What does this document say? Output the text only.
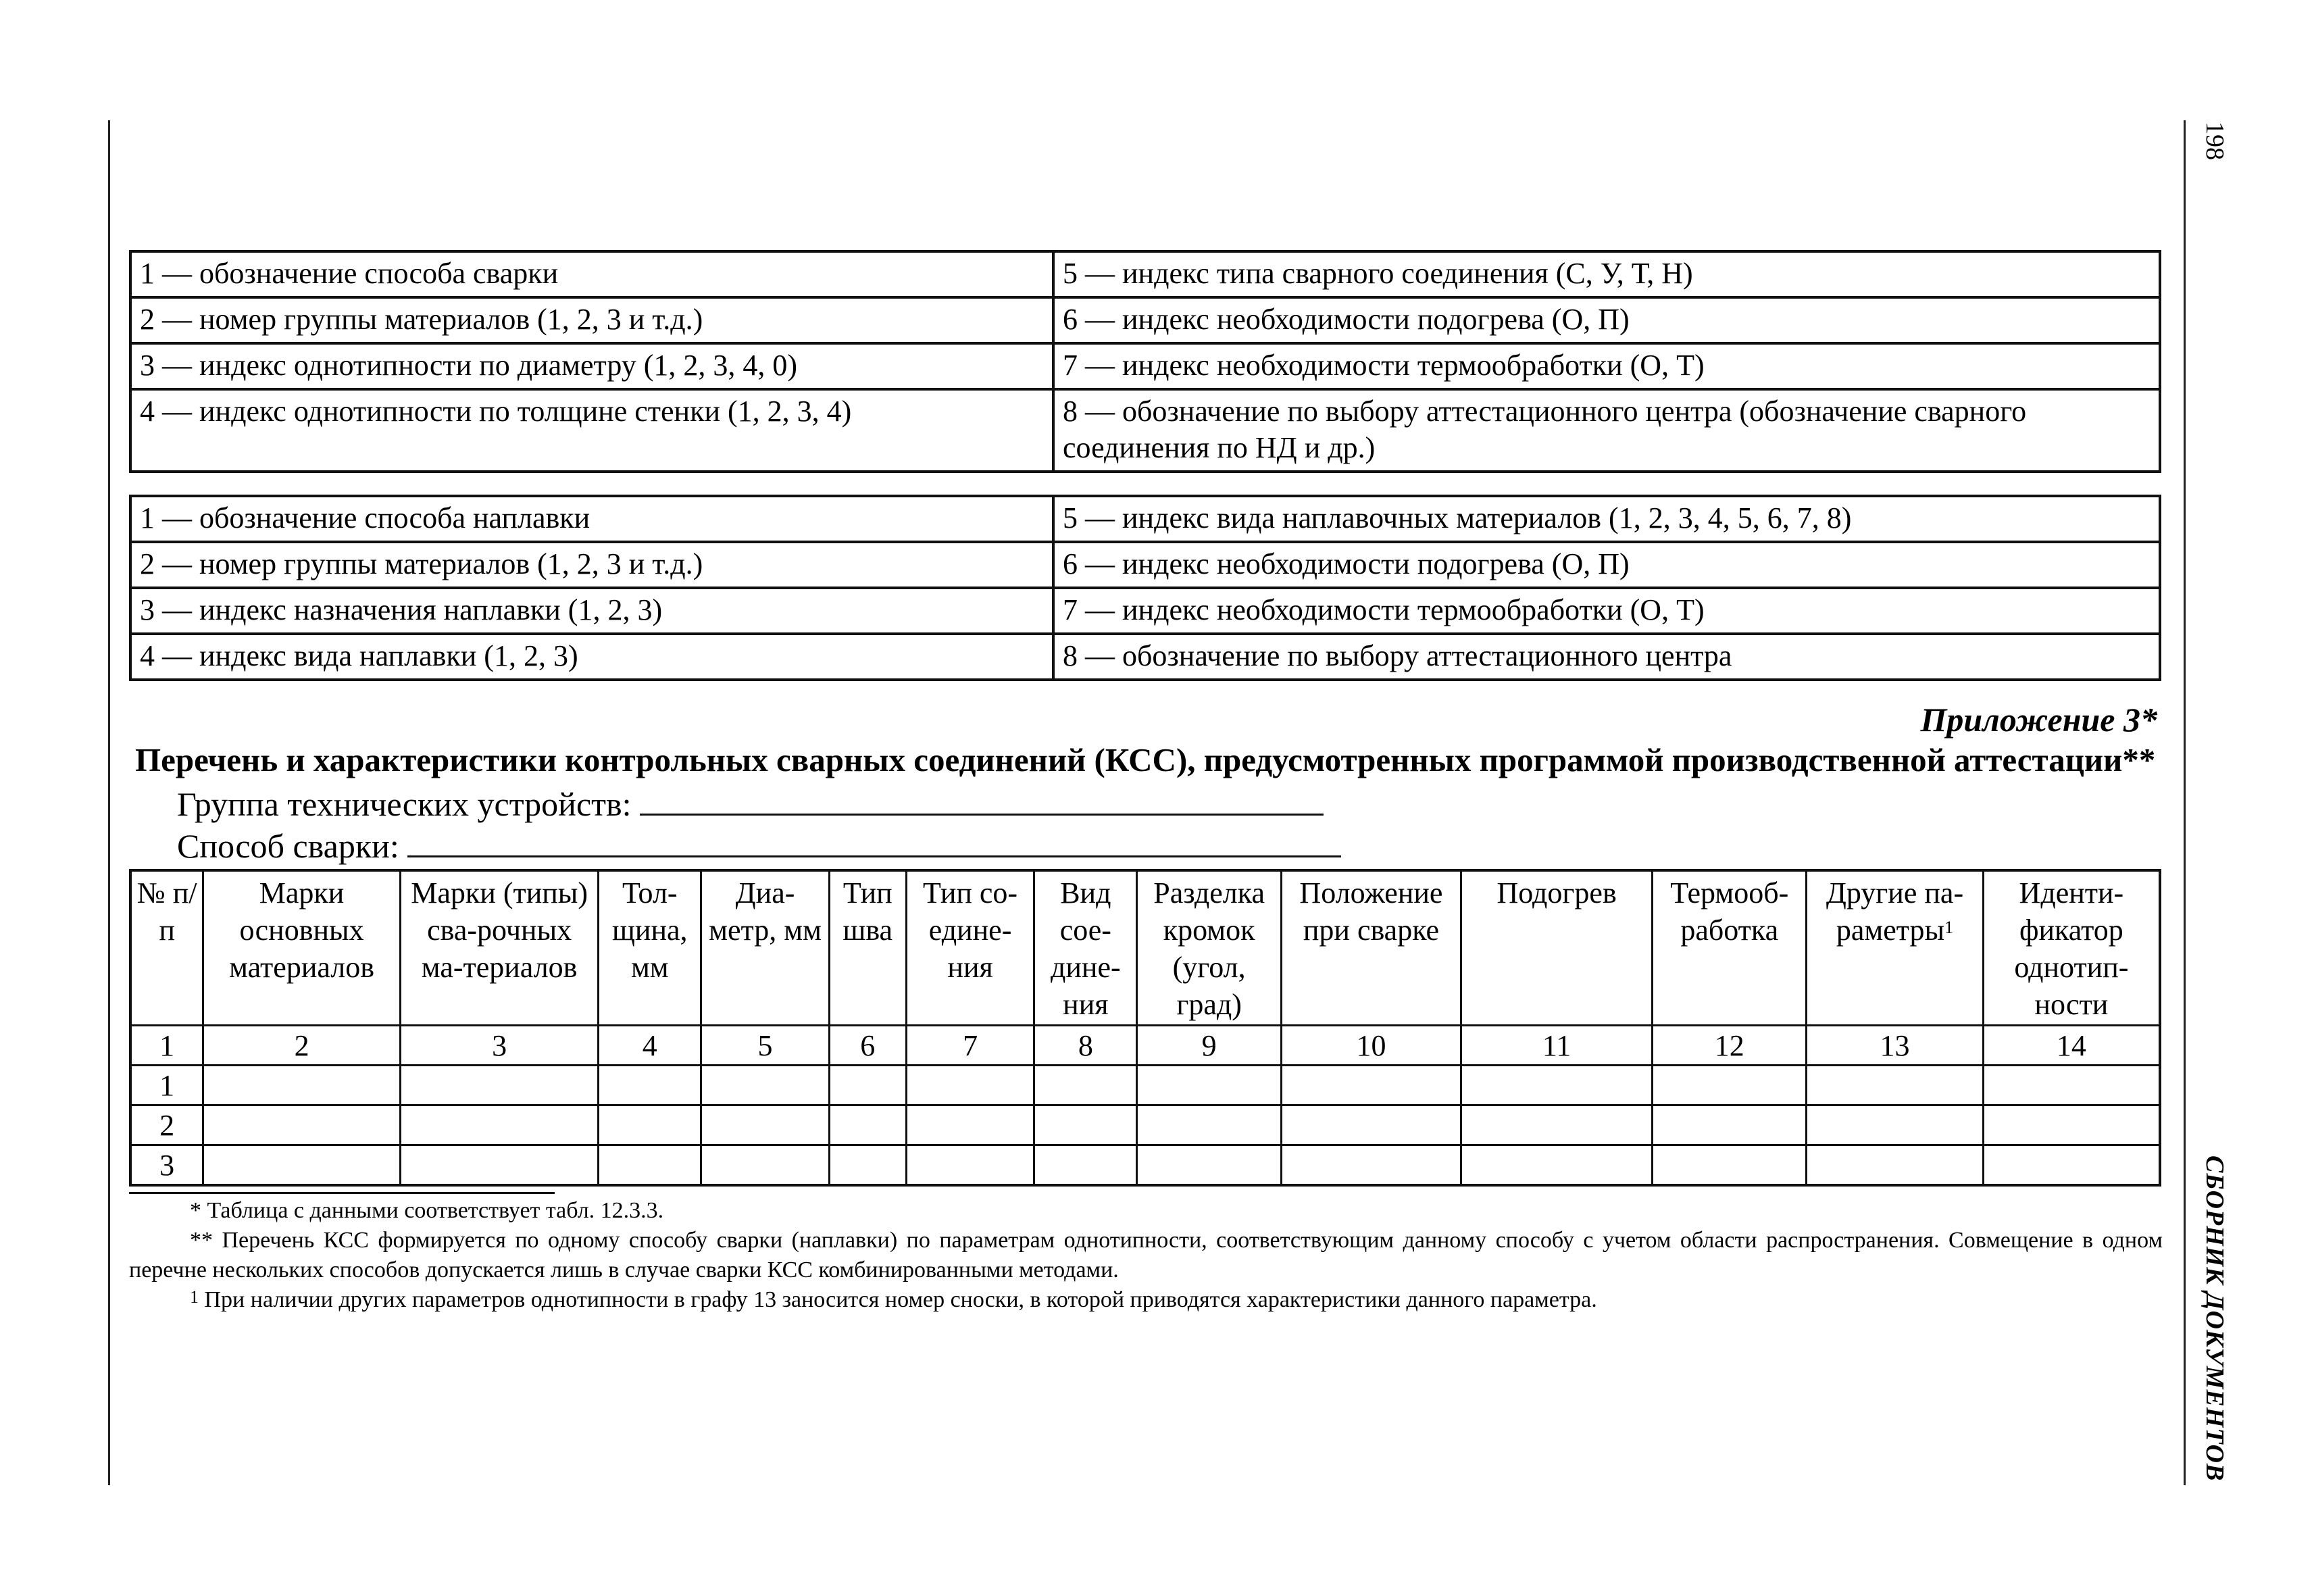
198
СБОРНИК ДОКУМЕНТОВ
1 — обозначение способа сварки	5 — индекс типа сварного соединения (С, У, Т, Н)
2 — номер группы материалов (1, 2, 3 и т.д.)	6 — индекс необходимости подогрева (О, П)
3 — индекс однотипности по диаметру (1, 2, 3, 4, 0)	7 — индекс необходимости термообработки (О, Т)
4 — индекс однотипности по толщине стенки (1, 2, 3, 4)	8 — обозначение по выбору аттестационного центра (обозначение сварного соединения по НД и др.)
1 — обозначение способа наплавки	5 — индекс вида наплавочных материалов (1, 2, 3, 4, 5, 6, 7, 8)
2 — номер группы материалов (1, 2, 3 и т.д.)	6 — индекс необходимости подогрева (О, П)
3 — индекс назначения наплавки (1, 2, 3)	7 — индекс необходимости термообработки (О, Т)
4 — индекс вида наплавки (1, 2, 3)	8 — обозначение по выбору аттестационного центра
Приложение 3*
Перечень и характеристики контрольных сварных соединений (КСС), предусмотренных программой производственной аттестации**
Группа технических устройств:
Способ сварки:
№ п/п	Марки основных материалов	Марки (типы) сва-рочных ма-териалов	Тол-щина, мм	Диа-метр, мм	Тип шва	Тип со-едине-ния	Вид сое-дине-ния	Разделка кромок (угол, град)	Положение при сварке	Подогрев	Термооб-работка	Другие па-раметры$^1$	Иденти-фикатор однотип-ности
1	2	3	4	5	6	7	8	9	10	11	12	13	14
1													
2													
3													

* Таблица с данными соответствует табл. 12.3.3.

** Перечень КСС формируется по одному способу сварки (наплавки) по параметрам однотипности, соответствующим данному способу с учетом области распространения. Совмещение в одном перечне нескольких способов допускается лишь в случае сварки КСС комбинированными методами.

$^1$ При наличии других параметров однотипности в графу 13 заносится номер сноски, в которой приводятся характеристики данного параметра.
